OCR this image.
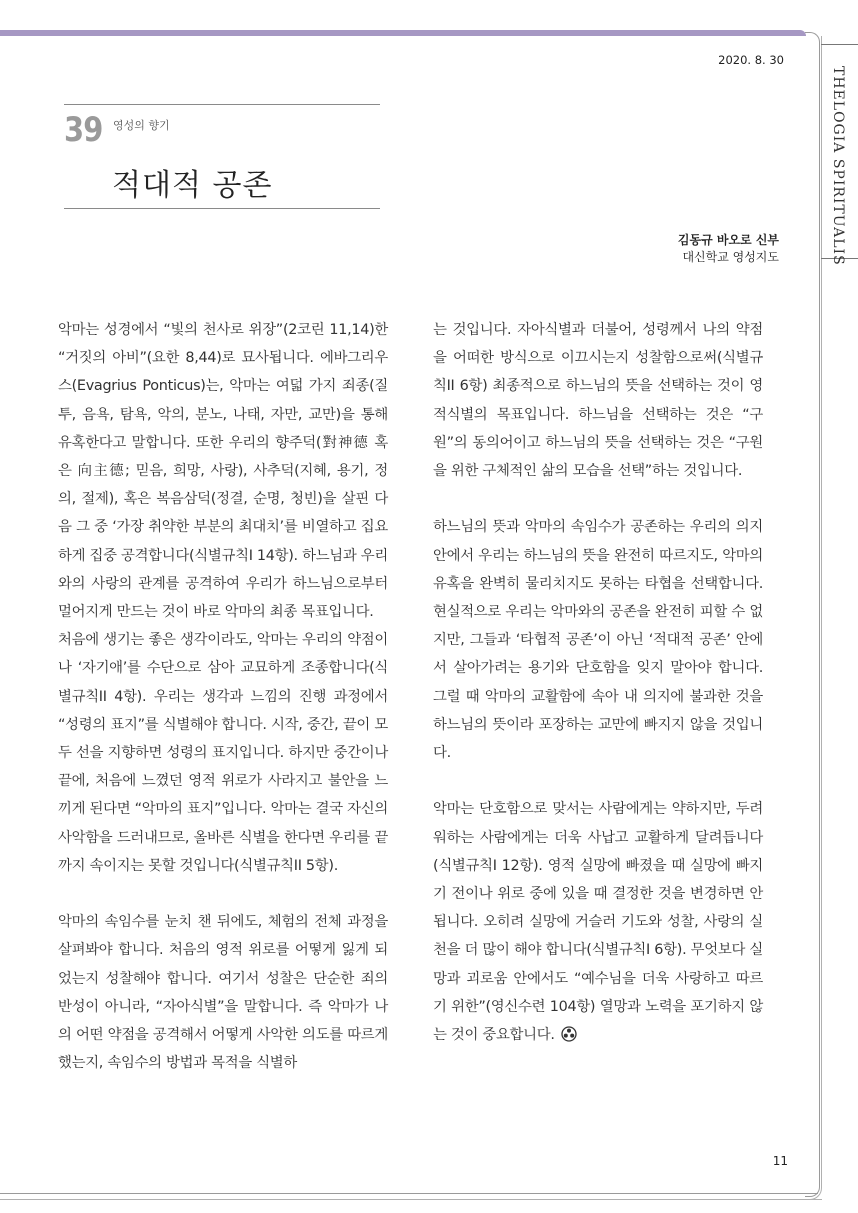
THELOGIA SPIRITUALIS
2020. 8. 30
39 영성의 향기
적대적 공존
김동규 바오로 신부
대신학교 영성지도

악마는 성경에서 “빛의 천사로 위장”(2코린 11,14)한 “거짓의 아비”(요한 8,44)로 묘사됩니다. 에바그리우스(Evagrius Ponticus)는, 악마는 여덟 가지 죄종(질투, 음욕, 탐욕, 악의, 분노, 나태, 자만, 교만)을 통해 유혹한다고 말합니다. 또한 우리의 향주덕(對神德 혹은 向主德; 믿음, 희망, 사랑), 사추덕(지혜, 용기, 정의, 절제), 혹은 복음삼덕(정결, 순명, 청빈)을 살핀 다음 그 중 ‘가장 취약한 부분의 최대치’를 비열하고 집요하게 집중 공격합니다(식별규칙I 14항). 하느님과 우리와의 사랑의 관계를 공격하여 우리가 하느님으로부터 멀어지게 만드는 것이 바로 악마의 최종 목표입니다.

처음에 생기는 좋은 생각이라도, 악마는 우리의 약점이나 ‘자기애’를 수단으로 삼아 교묘하게 조종합니다(식별규칙II 4항). 우리는 생각과 느낌의 진행 과정에서 “성령의 표지”를 식별해야 합니다. 시작, 중간, 끝이 모두 선을 지향하면 성령의 표지입니다. 하지만 중간이나 끝에, 처음에 느꼈던 영적 위로가 사라지고 불안을 느끼게 된다면 “악마의 표지”입니다. 악마는 결국 자신의 사악함을 드러내므로, 올바른 식별을 한다면 우리를 끝까지 속이지는 못할 것입니다(식별규칙II 5항).

악마의 속임수를 눈치 챈 뒤에도, 체험의 전체 과정을 살펴봐야 합니다. 처음의 영적 위로를 어떻게 잃게 되었는지 성찰해야 합니다. 여기서 성찰은 단순한 죄의 반성이 아니라, “자아식별”을 말합니다. 즉 악마가 나의 어떤 약점을 공격해서 어떻게 사악한 의도를 따르게 했는지, 속임수의 방법과 목적을 식별하

는 것입니다. 자아식별과 더불어, 성령께서 나의 약점을 어떠한 방식으로 이끄시는지 성찰함으로써(식별규칙II 6항) 최종적으로 하느님의 뜻을 선택하는 것이 영적식별의 목표입니다. 하느님을 선택하는 것은 “구원”의 동의어이고 하느님의 뜻을 선택하는 것은 “구원을 위한 구체적인 삶의 모습을 선택”하는 것입니다.

하느님의 뜻과 악마의 속임수가 공존하는 우리의 의지 안에서 우리는 하느님의 뜻을 완전히 따르지도, 악마의 유혹을 완벽히 물리치지도 못하는 타협을 선택합니다. 현실적으로 우리는 악마와의 공존을 완전히 피할 수 없지만, 그들과 ‘타협적 공존’이 아닌 ‘적대적 공존’ 안에서 살아가려는 용기와 단호함을 잊지 말아야 합니다. 그럴 때 악마의 교활함에 속아 내 의지에 불과한 것을 하느님의 뜻이라 포장하는 교만에 빠지지 않을 것입니다.

악마는 단호함으로 맞서는 사람에게는 약하지만, 두려워하는 사람에게는 더욱 사납고 교활하게 달려듭니다(식별규칙I 12항). 영적 실망에 빠졌을 때 실망에 빠지기 전이나 위로 중에 있을 때 결정한 것을 변경하면 안 됩니다. 오히려 실망에 거슬러 기도와 성찰, 사랑의 실천을 더 많이 해야 합니다(식별규칙I 6항). 무엇보다 실망과 괴로움 안에서도 “예수님을 더욱 사랑하고 따르기 위한”(영신수련 104항) 열망과 노력을 포기하지 않는 것이 중요합니다.

11
